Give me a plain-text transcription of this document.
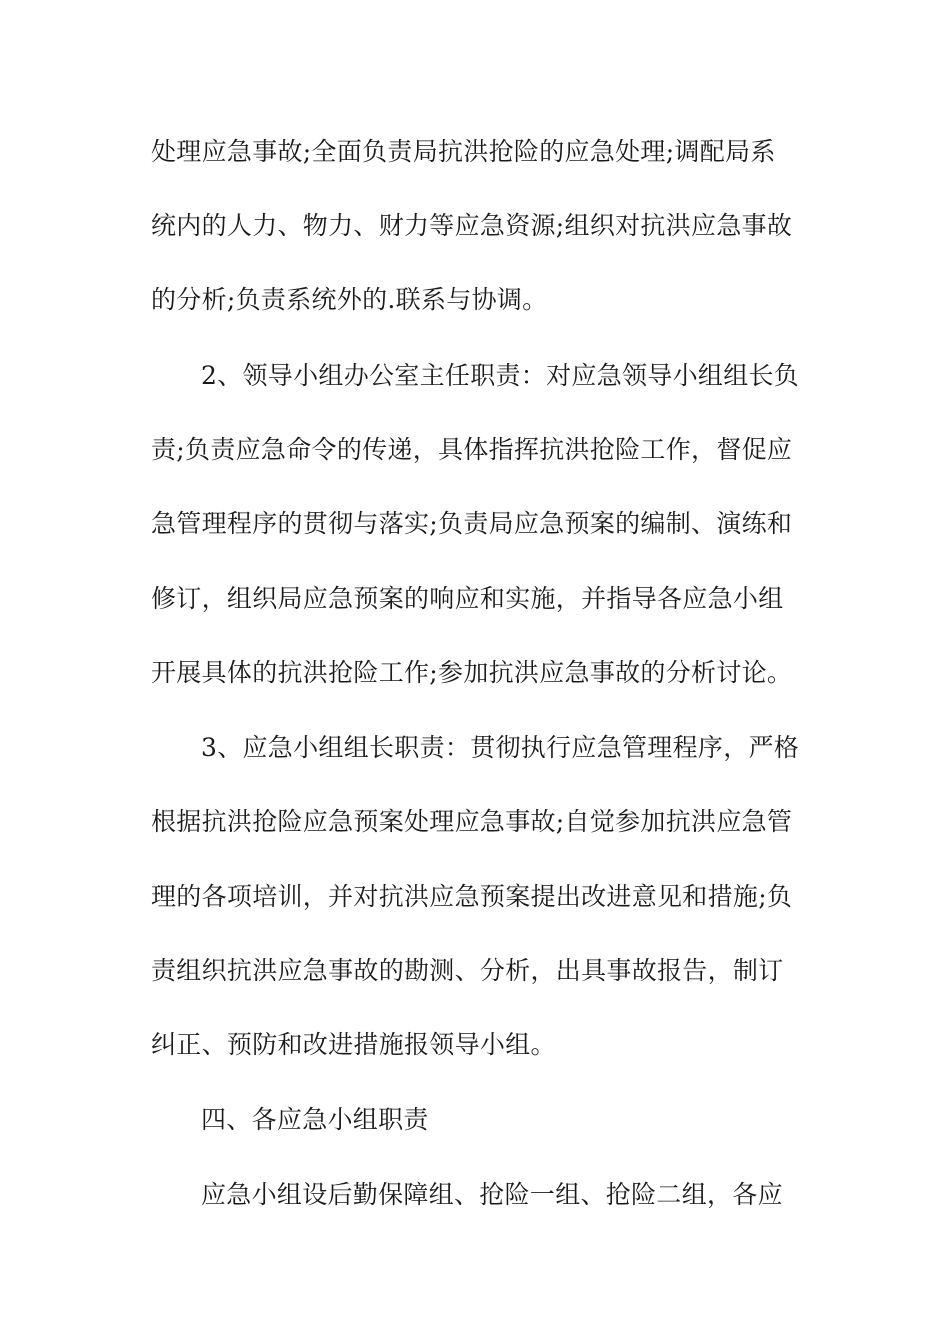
处理应急事故;全面负责局抗洪抢险的应急处理;调配局系
统内的人力、物力、财力等应急资源;组织对抗洪应急事故
的分析;负责系统外的.联系与协调。
2、领导小组办公室主任职责：对应急领导小组组长负
责;负责应急命令的传递，具体指挥抗洪抢险工作，督促应
急管理程序的贯彻与落实;负责局应急预案的编制、演练和
修订，组织局应急预案的响应和实施，并指导各应急小组
开展具体的抗洪抢险工作;参加抗洪应急事故的分析讨论。
3、应急小组组长职责：贯彻执行应急管理程序，严格
根据抗洪抢险应急预案处理应急事故;自觉参加抗洪应急管
理的各项培训，并对抗洪应急预案提出改进意见和措施;负
责组织抗洪应急事故的勘测、分析，出具事故报告，制订
纠正、预防和改进措施报领导小组。
四、各应急小组职责
应急小组设后勤保障组、抢险一组、抢险二组，各应
